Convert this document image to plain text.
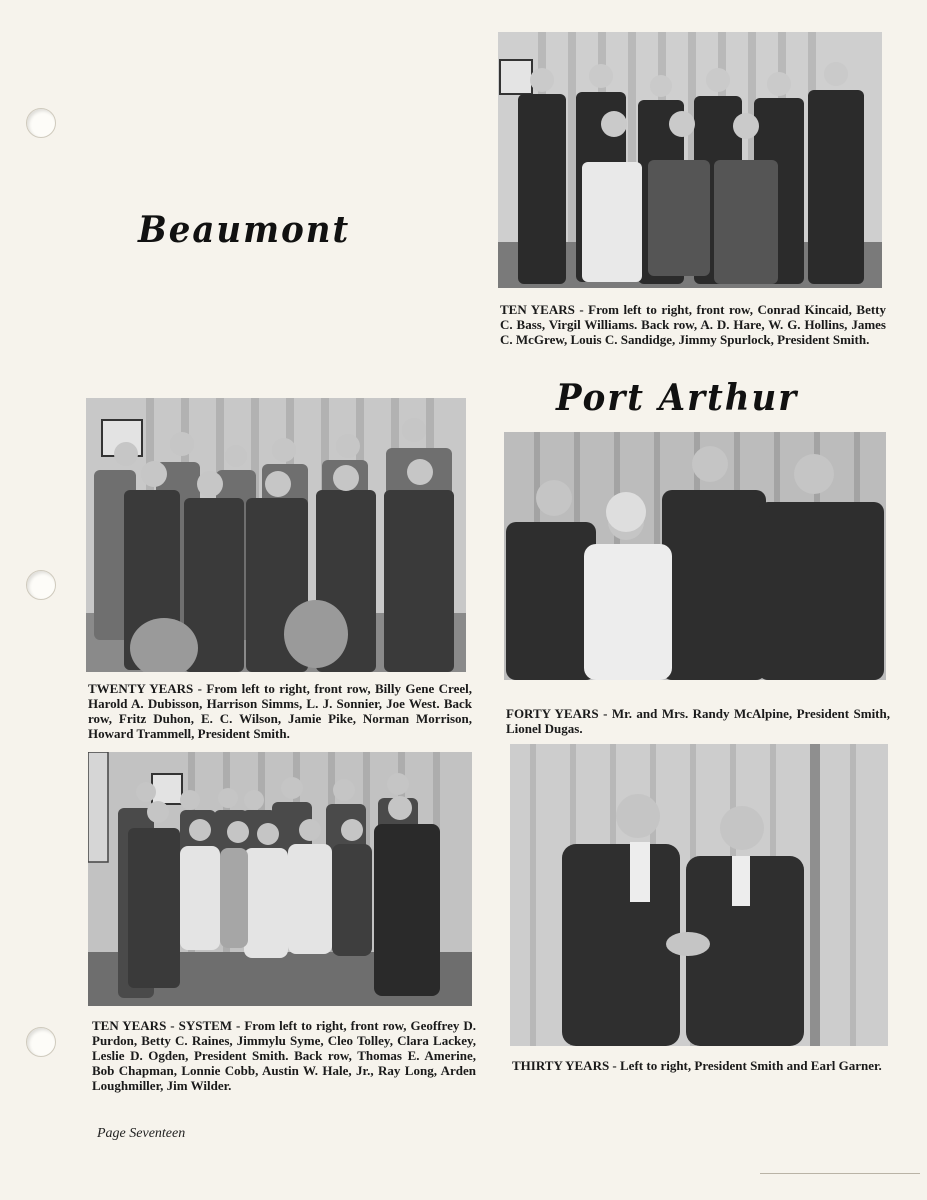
Beaumont
Port Arthur

TEN YEARS - From left to right, front row, Conrad Kincaid, Betty C. Bass, Virgil Williams. Back row, A. D. Hare, W. G. Hollins, James C. McGrew, Louis C. Sandidge, Jimmy Spurlock, President Smith.

TWENTY YEARS - From left to right, front row, Billy Gene Creel, Harold A. Dubisson, Harrison Simms, L. J. Sonnier, Joe West. Back row, Fritz Duhon, E. C. Wilson, Jamie Pike, Norman Morrison, Howard Trammell, President Smith.

FORTY YEARS - Mr. and Mrs. Randy McAlpine, President Smith, Lionel Dugas.

TEN YEARS - SYSTEM - From left to right, front row, Geoffrey D. Purdon, Betty C. Raines, Jimmylu Syme, Cleo Tolley, Clara Lackey, Leslie D. Ogden, President Smith. Back row, Thomas E. Amerine, Bob Chapman, Lonnie Cobb, Austin W. Hale, Jr., Ray Long, Arden Loughmiller, Jim Wilder.

THIRTY YEARS - Left to right, President Smith and Earl Garner.

Page Seventeen
